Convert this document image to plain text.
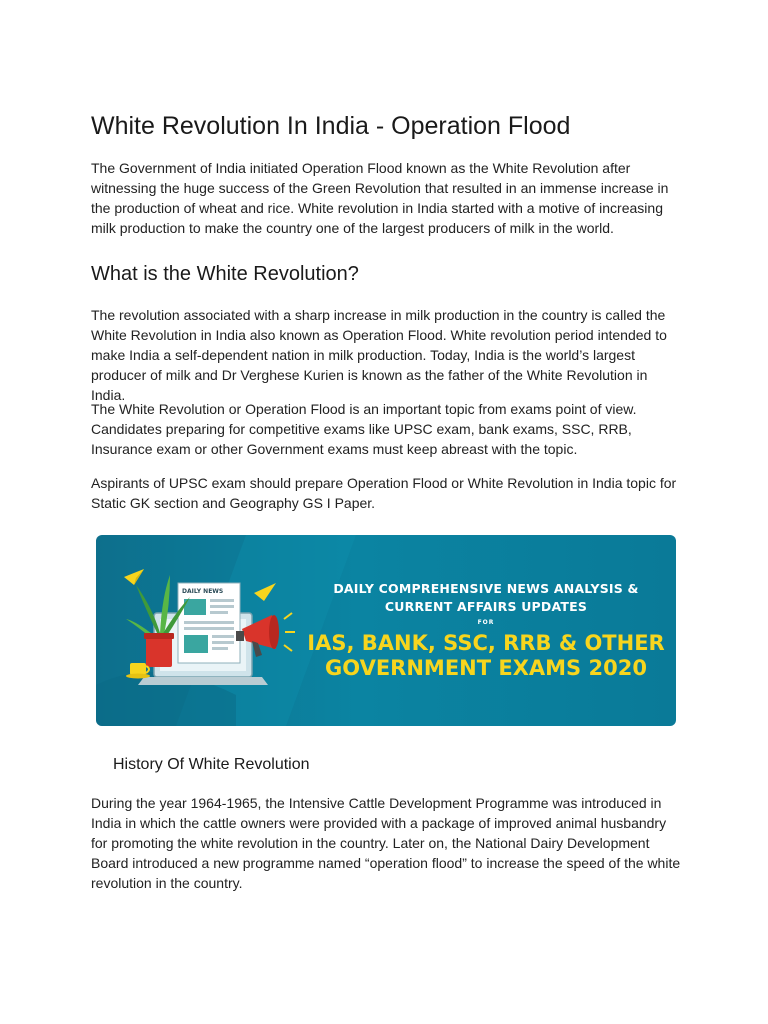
White Revolution In India - Operation Flood

The Government of India initiated Operation Flood known as the White Revolution after witnessing the huge success of the Green Revolution that resulted in an immense increase in the production of wheat and rice. White revolution in India started with a motive of increasing milk production to make the country one of the largest producers of milk in the world.

What is the White Revolution?

The revolution associated with a sharp increase in milk production in the country is called the White Revolution in India also known as Operation Flood. White revolution period intended to make India a self-dependent nation in milk production. Today, India is the world’s largest producer of milk and Dr Verghese Kurien is known as the father of the White Revolution in India.

The White Revolution or Operation Flood is an important topic from exams point of view. Candidates preparing for competitive exams like UPSC exam, bank exams, SSC, RRB, Insurance exam or other Government exams must keep abreast with the topic.

Aspirants of UPSC exam should prepare Operation Flood or White Revolution in India topic for Static GK section and Geography GS I Paper.

DAILY NEWS	DAILY COMPREHENSIVE NEWS ANALYSIS &
CURRENT AFFAIRS UPDATES
FOR
IAS, BANK, SSC, RRB & OTHER
GOVERNMENT EXAMS 2020
History Of White Revolution

During the year 1964-1965, the Intensive Cattle Development Programme was introduced in India in which the cattle owners were provided with a package of improved animal husbandry for promoting the white revolution in the country. Later on, the National Dairy Development Board introduced a new programme named “operation flood” to increase the speed of the white revolution in the country.
